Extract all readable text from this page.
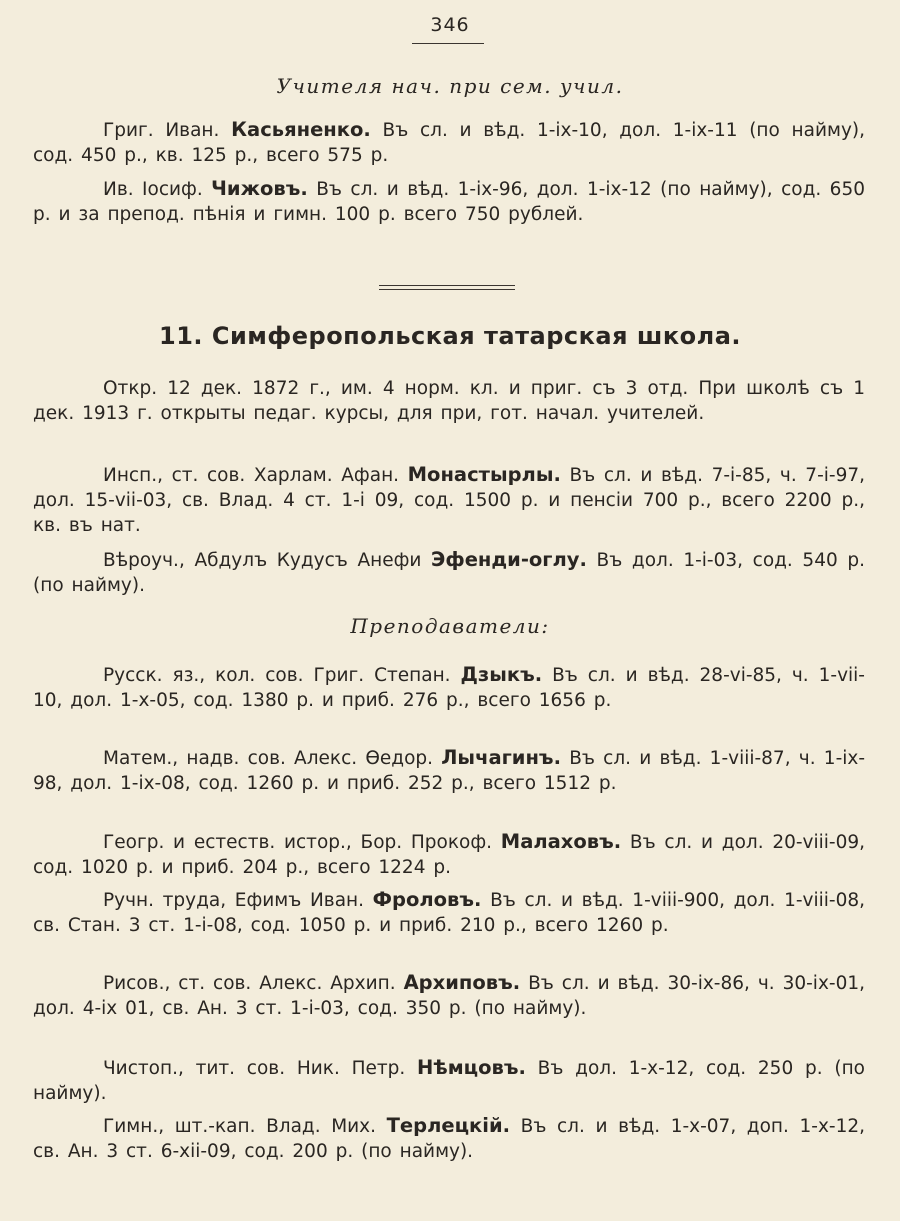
346
Учителя нач. при сем. учил.

Григ. Иван. Касьяненко. Въ сл. и вѣд. 1-ix-10, дол. 1-ix-11 (по найму), сод. 450 р., кв. 125 р., всего 575 р.

Ив. Iосиф. Чижовъ. Въ сл. и вѣд. 1-ix-96, дол. 1-ix-12 (по найму), сод. 650 р. и за препод. пѣнiя и гимн. 100 р. всего 750 рублей.

11. Симферопольская татарская школа.

Откр. 12 дек. 1872 г., им. 4 норм. кл. и приг. съ 3 отд. При школѣ съ 1 дек. 1913 г. открыты педаг. курсы, для при, гот. начал. учителей.

Инсп., ст. сов. Харлам. Афан. Монастырлы. Въ сл. и вѣд. 7-i-85, ч. 7-i-97, дол. 15-vii-03, св. Влад. 4 ст. 1-i 09, сод. 1500 р. и пенсiи 700 р., всего 2200 р., кв. въ нат.

Вѣроуч., Абдулъ Кудусъ Анефи Эфенди-оглу. Въ дол. 1-i-03, сод. 540 р. (по найму).

Преподаватели:

Русск. яз., кол. сов. Григ. Степан. Дзыкъ. Въ сл. и вѣд. 28-vi-85, ч. 1-vii-10, дол. 1-x-05, сод. 1380 р. и приб. 276 р., всего 1656 р.

Матем., надв. сов. Алекс. Ѳедор. Лычагинъ. Въ сл. и вѣд. 1-viii-87, ч. 1-ix-98, дол. 1-ix-08, сод. 1260 р. и приб. 252 р., всего 1512 р.

Геогр. и естеств. истор., Бор. Прокоф. Малаховъ. Въ сл. и дол. 20-viii-09, сод. 1020 р. и приб. 204 р., всего 1224 р.

Ручн. труда, Ефимъ Иван. Фроловъ. Въ сл. и вѣд. 1-viii-900, дол. 1-viii-08, св. Стан. 3 ст. 1-i-08, сод. 1050 р. и приб. 210 р., всего 1260 р.

Рисов., ст. сов. Алекс. Архип. Архиповъ. Въ сл. и вѣд. 30-ix-86, ч. 30-ix-01, дол. 4-ix 01, св. Ан. 3 ст. 1-i-03, сод. 350 р. (по найму).

Чистоп., тит. сов. Ник. Петр. Нѣмцовъ. Въ дол. 1-x-12, сод. 250 р. (по найму).

Гимн., шт.-кап. Влад. Мих. Терлецкiй. Въ сл. и вѣд. 1-x-07, доп. 1-x-12, св. Ан. 3 ст. 6-xii-09, сод. 200 р. (по найму).
